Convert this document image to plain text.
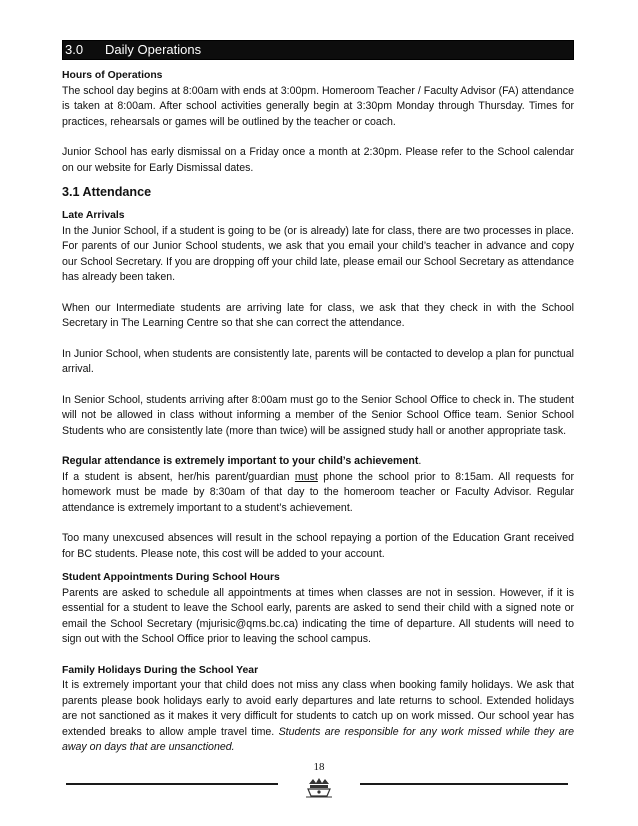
3.0 Daily Operations

Hours of Operations

The school day begins at 8:00am with ends at 3:00pm. Homeroom Teacher / Faculty Advisor (FA) attendance is taken at 8:00am. After school activities generally begin at 3:30pm Monday through Thursday. Times for practices, rehearsals or games will be outlined by the teacher or coach.

Junior School has early dismissal on a Friday once a month at 2:30pm. Please refer to the School calendar on our website for Early Dismissal dates.

3.1 Attendance

Late Arrivals

In the Junior School, if a student is going to be (or is already) late for class, there are two processes in place. For parents of our Junior School students, we ask that you email your child’s teacher in advance and copy our School Secretary. If you are dropping off your child late, please email our School Secretary as attendance has already been taken.

When our Intermediate students are arriving late for class, we ask that they check in with the School Secretary in The Learning Centre so that she can correct the attendance.

In Junior School, when students are consistently late, parents will be contacted to develop a plan for punctual arrival.

In Senior School, students arriving after 8:00am must go to the Senior School Office to check in. The student will not be allowed in class without informing a member of the Senior School Office team. Senior School Students who are consistently late (more than twice) will be assigned study hall or another appropriate task.

Regular attendance is extremely important to your child’s achievement.
If a student is absent, her/his parent/guardian must phone the school prior to 8:15am. All requests for homework must be made by 8:30am of that day to the homeroom teacher or Faculty Advisor. Regular attendance is extremely important to a student’s achievement.

Too many unexcused absences will result in the school repaying a portion of the Education Grant received for BC students. Please note, this cost will be added to your account.

Student Appointments During School Hours

Parents are asked to schedule all appointments at times when classes are not in session. However, if it is essential for a student to leave the School early, parents are asked to send their child with a signed note or email the School Secretary (mjurisic@qms.bc.ca) indicating the time of departure. All students will need to sign out with the School Office prior to leaving the school campus.

Family Holidays During the School Year

It is extremely important your that child does not miss any class when booking family holidays. We ask that parents please book holidays early to avoid early departures and late returns to school. Extended holidays are not sanctioned as it makes it very difficult for students to catch up on work missed. Our school year has extended breaks to allow ample travel time. Students are responsible for any work missed while they are away on days that are unsanctioned.

18
